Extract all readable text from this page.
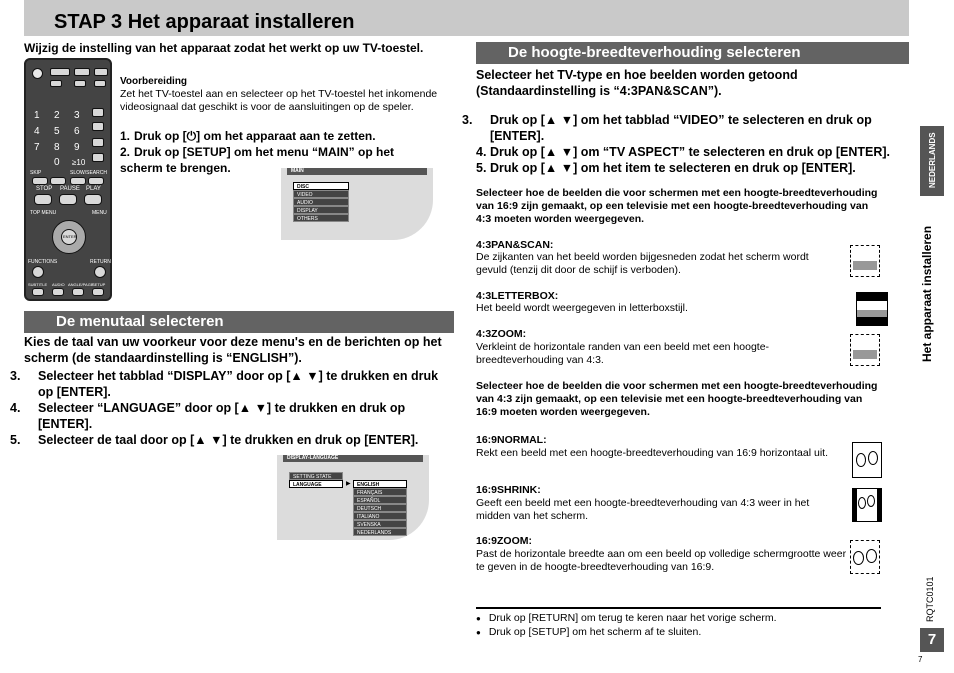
STAP 3 Het apparaat installeren
Wijzig de instelling van het apparaat zodat het werkt op uw TV-toestel.
1 2 3
4 5 6
7 8 9
0 ≥10
SKIP	SLOW/SEARCH
STOP PAUSE PLAY
TOP MENU	MENU
ENTER
FUNCTIONS	RETURN
SUBTITLE AUDIO ANGLE/PAGE
SETUP
Voorbereiding
Zet het TV-toestel aan en selecteer op het TV-toestel het inkomende videosignaal dat geschikt is voor de aansluitingen op de speler.
1. Druk op [⏻] om het apparaat aan te zetten.
2. Druk op [SETUP] om het menu “MAIN” op het scherm te brengen.	MAIN
DISC
VIDEO
AUDIO
DISPLAY
OTHERS
De menutaal selecteren
Kies de taal van uw voorkeur voor deze menu's en de berichten op het scherm (de standaardinstelling is “ENGLISH”).
3. Selecteer het tabblad “DISPLAY” door op [▲ ▼] te drukken en druk op [ENTER].
4. Selecteer “LANGUAGE” door op [▲ ▼] te drukken en druk op [ENTER].
5. Selecteer de taal door op [▲ ▼] te drukken en druk op [ENTER].
DISPLAY-LANGUAGE
SETTING STATE
LANGUAGE	▶	ENGLISH
FRANÇAIS
ESPAÑOL
DEUTSCH
ITALIANO
SVENSKA
NEDERLANDS
De hoogte-breedteverhouding selecteren
Selecteer het TV-type en hoe beelden worden getoond (Standaardinstelling is “4:3PAN&SCAN”).
3. Druk op [▲ ▼] om het tabblad “VIDEO” te selecteren en druk op [ENTER].
4. Druk op [▲ ▼] om “TV ASPECT” te selecteren en druk op [ENTER].
5. Druk op [▲ ▼] om het item te selecteren en druk op [ENTER].
Selecteer hoe de beelden die voor schermen met een hoogte-breedteverhouding van 16:9 zijn gemaakt, op een televisie met een hoogte-breedteverhouding van 4:3 moeten worden weergegeven.
4:3PAN&SCAN:
De zijkanten van het beeld worden bijgesneden zodat het scherm wordt gevuld (tenzij dit door de schijf is verboden).
4:3LETTERBOX:
Het beeld wordt weergegeven in letterboxstijl.
4:3ZOOM:
Verkleint de horizontale randen van een beeld met een hoogte-breedteverhouding van 4:3.
Selecteer hoe de beelden die voor schermen met een hoogte-breedteverhouding van 4:3 zijn gemaakt, op een televisie met een hoogte-breedteverhouding van 16:9 moeten worden weergegeven.
16:9NORMAL:
Rekt een beeld met een hoogte-breedteverhouding van 16:9 horizontaal uit.
16:9SHRINK:
Geeft een beeld met een hoogte-breedteverhouding van 4:3 weer in het midden van het scherm.
16:9ZOOM:
Past de horizontale breedte aan om een beeld op volledige schermgrootte weer te geven in de hoogte-breedteverhouding van 16:9.
● Druk op [RETURN] om terug te keren naar het vorige scherm.
● Druk op [SETUP] om het scherm af te sluiten.
NEDERLANDS
Het apparaat installeren
RQTC0101
7
7
